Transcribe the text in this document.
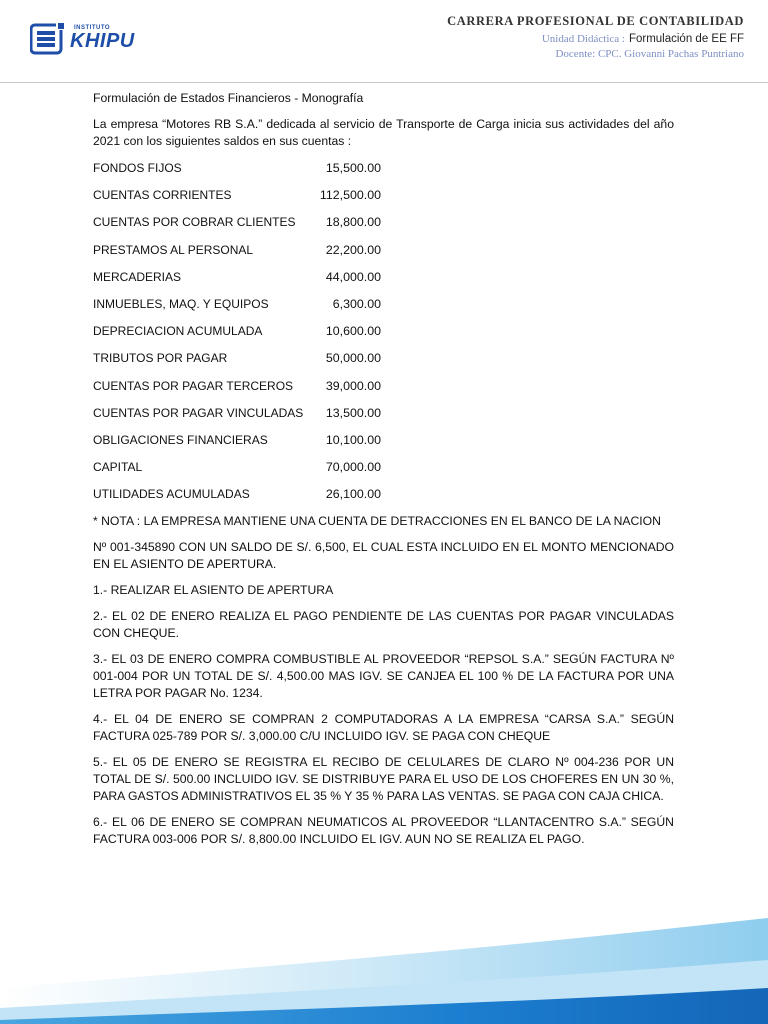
INSTITUTO
KHIPU
CARRERA PROFESIONAL DE CONTABILIDAD
Unidad Didáctica : Formulación de EE FF
Docente: CPC. Giovanni Pachas Puntriano

Formulación de Estados Financieros - Monografía

La empresa “Motores RB S.A.” dedicada al servicio de Transporte de Carga inicia sus actividades del año 2021 con los siguientes saldos en sus cuentas :

FONDOS FIJOS	15,500.00
CUENTAS CORRIENTES	112,500.00
CUENTAS POR COBRAR CLIENTES 18,800.00
PRESTAMOS AL PERSONAL	22,200.00
MERCADERIAS	44,000.00
INMUEBLES, MAQ. Y EQUIPOS	6,300.00
DEPRECIACION ACUMULADA	10,600.00
TRIBUTOS POR PAGAR	50,000.00
CUENTAS POR PAGAR TERCEROS	39,000.00
CUENTAS POR PAGAR VINCULADAS 13,500.00
OBLIGACIONES FINANCIERAS	10,100.00
CAPITAL	70,000.00
UTILIDADES ACUMULADAS	26,100.00

* NOTA : LA EMPRESA MANTIENE UNA CUENTA DE DETRACCIONES EN EL BANCO DE LA NACION

Nº 001-345890 CON UN SALDO DE S/. 6,500, EL CUAL ESTA INCLUIDO EN EL MONTO MENCIONADO EN EL ASIENTO DE APERTURA.

1.- REALIZAR EL ASIENTO DE APERTURA

2.- EL 02 DE ENERO REALIZA EL PAGO PENDIENTE DE LAS CUENTAS POR PAGAR VINCULADAS CON CHEQUE.

3.- EL 03 DE ENERO COMPRA COMBUSTIBLE AL PROVEEDOR “REPSOL S.A.” SEGÚN FACTURA Nº 001-004 POR UN TOTAL DE S/. 4,500.00 MAS IGV. SE CANJEA EL 100 % DE LA FACTURA POR UNA LETRA POR PAGAR No. 1234.

4.- EL 04 DE ENERO SE COMPRAN 2 COMPUTADORAS A LA EMPRESA “CARSA S.A.” SEGÚN FACTURA 025-789 POR S/. 3,000.00 C/U INCLUIDO IGV. SE PAGA CON CHEQUE

5.- EL 05 DE ENERO SE REGISTRA EL RECIBO DE CELULARES DE CLARO Nº 004-236 POR UN TOTAL DE S/. 500.00 INCLUIDO IGV. SE DISTRIBUYE PARA EL USO DE LOS CHOFERES EN UN 30 %, PARA GASTOS ADMINISTRATIVOS EL 35 % Y 35 % PARA LAS VENTAS. SE PAGA CON CAJA CHICA.

6.- EL 06 DE ENERO SE COMPRAN NEUMATICOS AL PROVEEDOR “LLANTACENTRO S.A.” SEGÚN FACTURA 003-006 POR S/. 8,800.00 INCLUIDO EL IGV. AUN NO SE REALIZA EL PAGO.
